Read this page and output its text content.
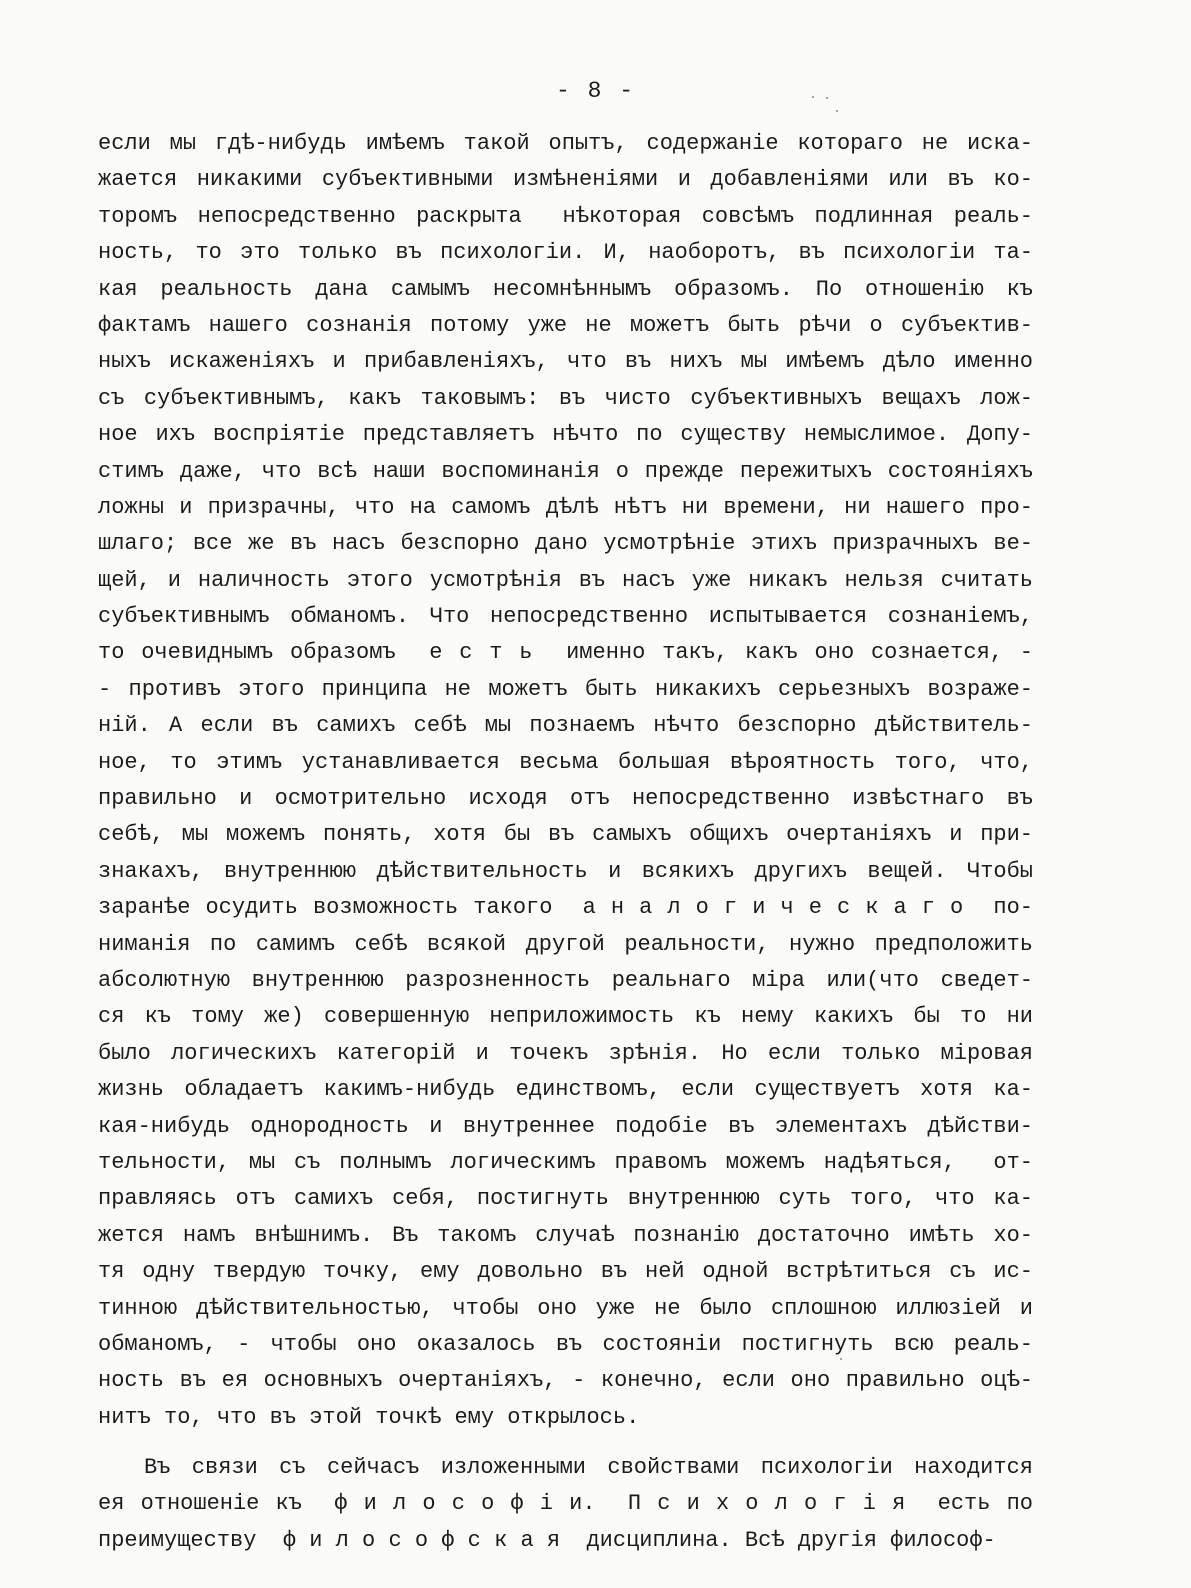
- 8 -
если мы гдѣ-нибудь имѣемъ такой опытъ, содержаніе котораго не иска-
жается никакими субъективными измѣненіями и добавленіями или въ ко-
торомъ непосредственно раскрыта  нѣкоторая совсѣмъ подлинная реаль-
ность, то это только въ психологіи. И, наоборотъ, въ психологіи та-
кая реальность дана самымъ несомнѣннымъ образомъ. По отношенію къ
фактамъ нашего сознанія потому уже не можетъ быть рѣчи о субъектив-
ныхъ искаженіяхъ и прибавленіяхъ, что въ нихъ мы имѣемъ дѣло именно
съ субъективнымъ, какъ таковымъ: въ чисто субъективныхъ вещахъ лож-
ное ихъ воспріятіе представляетъ нѣчто по существу немыслимое. Допу-
стимъ даже, что всѣ наши воспоминанія о прежде пережитыхъ состояніяхъ
ложны и призрачны, что на самомъ дѣлѣ нѣтъ ни времени, ни нашего про-
шлаго; все же въ насъ безспорно дано усмотрѣніе этихъ призрачныхъ ве-
щей, и наличность этого усмотрѣнія въ насъ уже никакъ нельзя считать
субъективнымъ обманомъ. Что непосредственно испытывается сознаніемъ,
то очевиднымъ образомъ  е с т ь  именно такъ, какъ оно сознается, -
- противъ этого принципа не можетъ быть никакихъ серьезныхъ возраже-
ній. А если въ самихъ себѣ мы познаемъ нѣчто безспорно дѣйствитель-
ное, то этимъ устанавливается весьма большая вѣроятность того, что,
правильно и осмотрительно исходя отъ непосредственно извѣстнаго въ
себѣ, мы можемъ понять, хотя бы въ самыхъ общихъ очертаніяхъ и при-
знакахъ, внутреннюю дѣйствительность и всякихъ другихъ вещей. Чтобы
заранѣе осудить возможность такого  а н а л о г и ч е с к а г о  по-
ниманія по самимъ себѣ всякой другой реальности, нужно предположить
абсолютную внутреннюю разрозненность реальнаго міра или(что сведет-
ся къ тому же) совершенную неприложимость къ нему какихъ бы то ни
было логическихъ категорій и точекъ зрѣнія. Но если только міровая
жизнь обладаетъ какимъ-нибудь единствомъ, если существуетъ хотя ка-
кая-нибудь однородность и внутреннее подобіе въ элементахъ дѣйстви-
тельности, мы съ полнымъ логическимъ правомъ можемъ надѣяться,  от-
правляясь отъ самихъ себя, постигнуть внутреннюю суть того, что ка-
жется намъ внѣшнимъ. Въ такомъ случаѣ познанію достаточно имѣть хо-
тя одну твердую точку, ему довольно въ ней одной встрѣтиться съ ис-
тинною дѣйствительностью, чтобы оно уже не было сплошною иллюзіей и
обманомъ, - чтобы оно оказалось въ состояніи постигнуть всю реаль-
ность въ ея основныхъ очертаніяхъ, - конечно, если оно правильно оцѣ-
нитъ то, что въ этой точкѣ ему открылось.
Въ связи съ сейчасъ изложенными свойствами психологіи находится
ея отношеніе къ  ф и л о с о ф і и.  П с и х о л о г і я  есть по
преимуществу  ф и л о с о ф с к а я  дисциплина. Всѣ другія философ-
